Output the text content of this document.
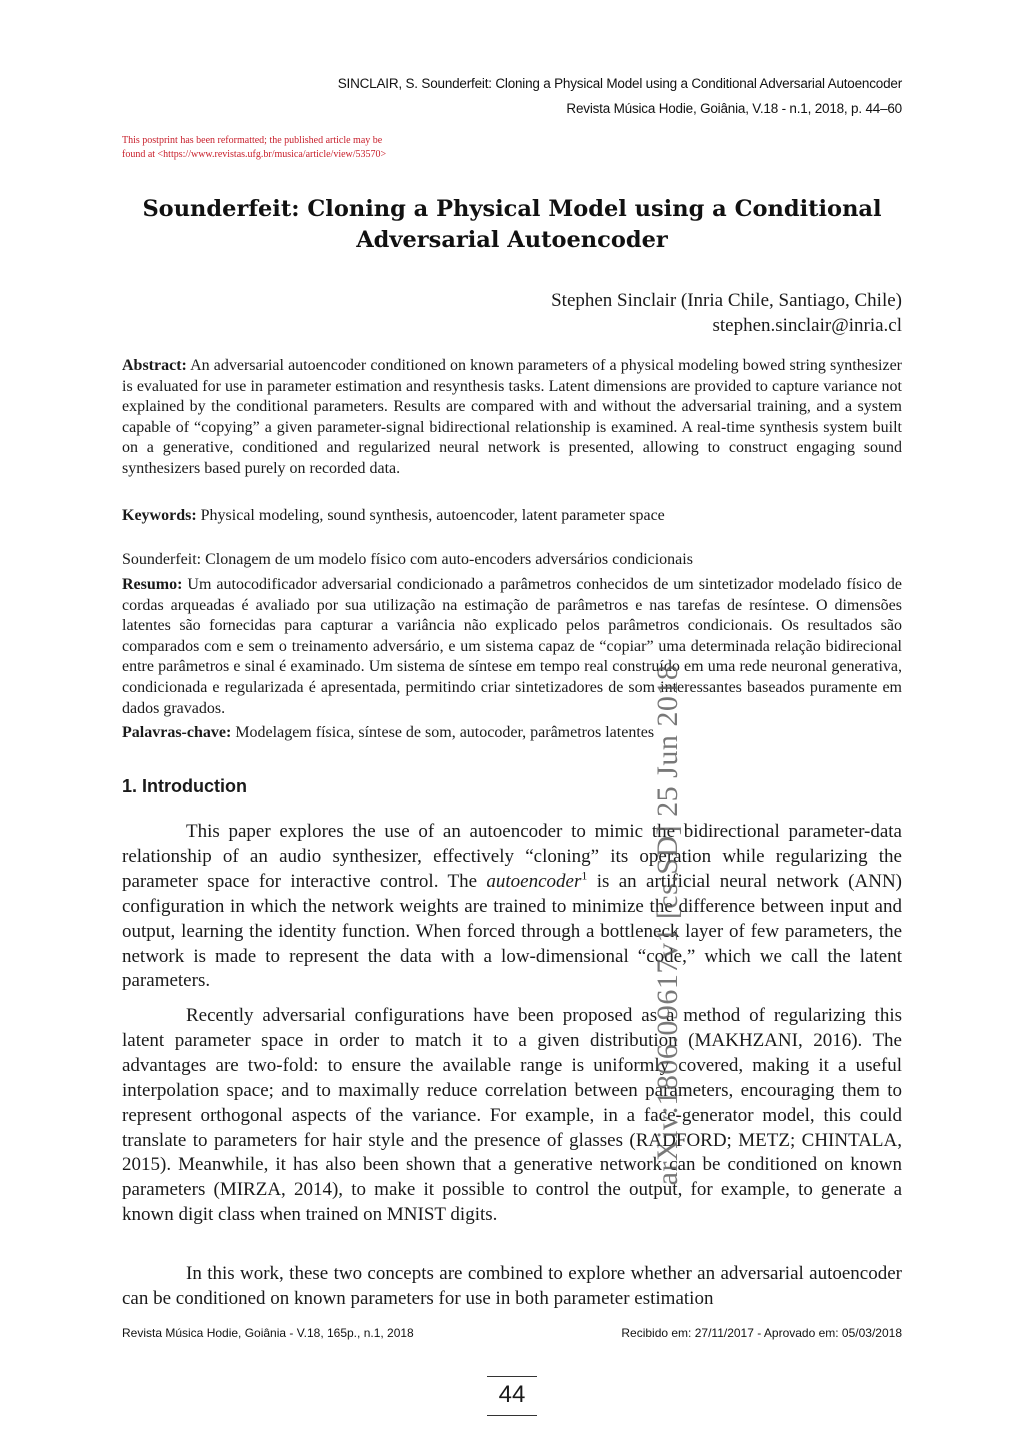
SINCLAIR, S. Sounderfeit: Cloning a Physical Model using a Conditional Adversarial Autoencoder
Revista Música Hodie, Goiânia, V.18 - n.1, 2018, p. 44–60
This postprint has been reformatted; the published article may be
found at <https://www.revistas.ufg.br/musica/article/view/53570>
Sounderfeit: Cloning a Physical Model using a Conditional
Adversarial Autoencoder
Stephen Sinclair (Inria Chile, Santiago, Chile)
stephen.sinclair@inria.cl
Abstract: An adversarial autoencoder conditioned on known parameters of a physical modeling bowed string synthesizer is evaluated for use in parameter estimation and resynthesis tasks. Latent dimensions are provided to capture variance not explained by the conditional parameters. Results are compared with and without the adversarial training, and a system capable of “copying” a given parameter-signal bidirectional relationship is examined. A real-time synthesis system built on a generative, conditioned and regularized neural network is presented, allowing to construct engaging sound synthesizers based purely on recorded data.
Keywords: Physical modeling, sound synthesis, autoencoder, latent parameter space
Sounderfeit: Clonagem de um modelo físico com auto-encoders adversários condicionais
Resumo: Um autocodificador adversarial condicionado a parâmetros conhecidos de um sintetizador modelado físico de cordas arqueadas é avaliado por sua utilização na estimação de parâmetros e nas tarefas de resíntese. O dimensões latentes são fornecidas para capturar a variância não explicado pelos parâmetros condicionais. Os resultados são comparados com e sem o treinamento adversário, e um sistema capaz de “copiar” uma determinada relação bidirecional entre parâmetros e sinal é examinado. Um sistema de síntese em tempo real construído em uma rede neuronal generativa, condicionada e regularizada é apresentada, permitindo criar sintetizadores de som interessantes baseados puramente em dados gravados.
Palavras-chave: Modelagem física, síntese de som, autocoder, parâmetros latentes
1. Introduction

This paper explores the use of an autoencoder to mimic the bidirectional parameter-data relationship of an audio synthesizer, effectively “cloning” its operation while regularizing the parameter space for interactive control. The autoencoder$^1$ is an artificial neural network (ANN) configuration in which the network weights are trained to minimize the difference between input and output, learning the identity function. When forced through a bottleneck layer of few parameters, the network is made to represent the data with a low-dimensional “code,” which we call the latent parameters.

Recently adversarial configurations have been proposed as a method of regularizing this latent parameter space in order to match it to a given distribution (MAKHZANI, 2016). The advantages are two-fold: to ensure the available range is uniformly covered, making it a useful interpolation space; and to maximally reduce correlation between parameters, encouraging them to represent orthogonal aspects of the variance. For example, in a face-generator model, this could translate to parameters for hair style and the presence of glasses (RADFORD; METZ; CHINTALA, 2015). Meanwhile, it has also been shown that a generative network can be conditioned on known parameters (MIRZA, 2014), to make it possible to control the output, for example, to generate a known digit class when trained on MNIST digits.

In this work, these two concepts are combined to explore whether an adversarial autoencoder can be conditioned on known parameters for use in both parameter estimation

Revista Música Hodie, Goiânia - V.18, 165p., n.1, 2018	Recibido em: 27/11/2017 - Aprovado em: 05/03/2018
44
arXiv:1806.09617v1 [cs.SD] 25 Jun 2018
